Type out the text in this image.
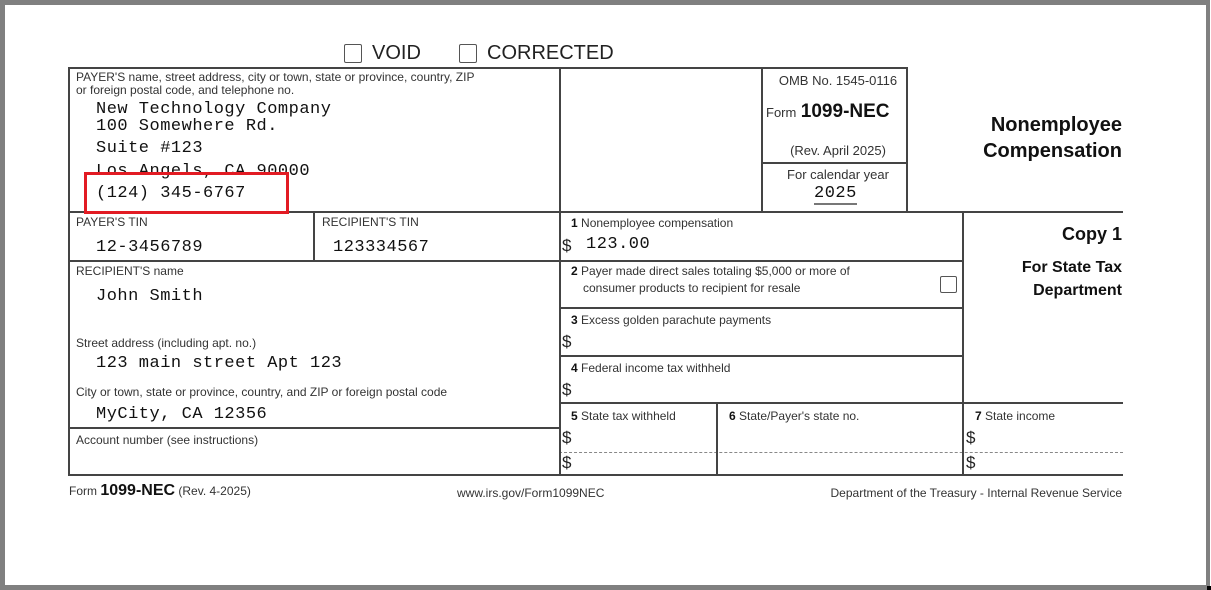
VOID	CORRECTED
PAYER'S name, street address, city or town, state or province, country, ZIP
or foreign postal code, and telephone no.
New Technology Company
100 Somewhere Rd.
Suite #123
Los Angels, CA 90000
(124) 345-6767
OMB No. 1545-0116
Form 1099-NEC
(Rev. April 2025)
For calendar year
2025
Nonemployee
Compensation
PAYER'S TIN
12-3456789
RECIPIENT'S TIN
123334567
RECIPIENT'S name
John Smith
Street address (including apt. no.)
123 main street Apt 123
City or town, state or province, country, and ZIP or foreign postal code
MyCity, CA 12356
Account number (see instructions)
1 Nonemployee compensation
$ 123.00
2 Payer made direct sales totaling $5,000 or more of
consumer products to recipient for resale
3 Excess golden parachute payments
$
4 Federal income tax withheld
$
5 State tax withheld
$
$
6 State/Payer's state no.	7 State income
$
$
Copy 1
For State Tax
Department
Form 1099-NEC (Rev. 4-2025)	www.irs.gov/Form1099NEC	Department of the Treasury - Internal Revenue Service
